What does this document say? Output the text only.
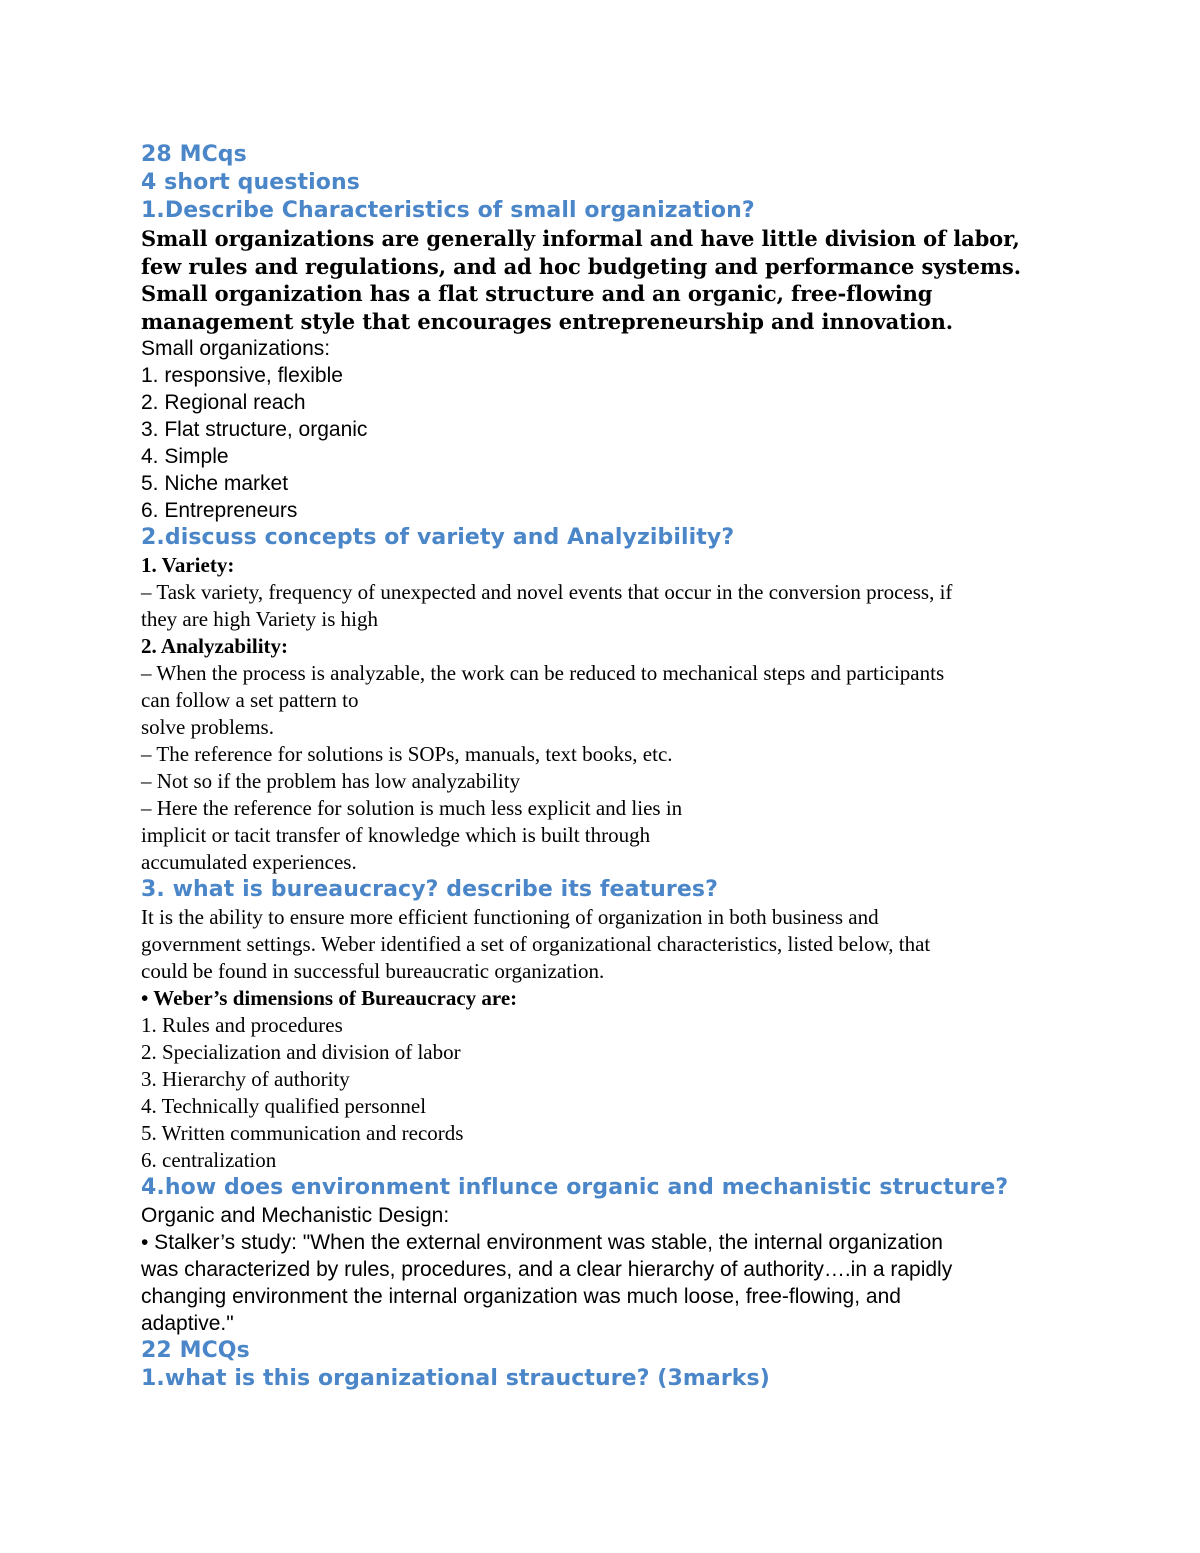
28 MCqs

4 short questions

1.Describe Characteristics of small organization?

Small organizations are generally informal and have little division of labor,

few rules and regulations, and ad hoc budgeting and performance systems.

Small organization has a flat structure and an organic, free-flowing

management style that encourages entrepreneurship and innovation.

Small organizations:

1. responsive, flexible

2. Regional reach

3. Flat structure, organic

4. Simple

5. Niche market

6. Entrepreneurs

2.discuss concepts of variety and Analyzibility?

1. Variety:

– Task variety, frequency of unexpected and novel events that occur in the conversion process, if

they are high Variety is high

2. Analyzability:

– When the process is analyzable, the work can be reduced to mechanical steps and participants

can follow a set pattern to

solve problems.

– The reference for solutions is SOPs, manuals, text books, etc.

– Not so if the problem has low analyzability

– Here the reference for solution is much less explicit and lies in

implicit or tacit transfer of knowledge which is built through

accumulated experiences.

3. what is bureaucracy? describe its features?

It is the ability to ensure more efficient functioning of organization in both business and

government settings. Weber identified a set of organizational characteristics, listed below, that

could be found in successful bureaucratic organization.

• Weber’s dimensions of Bureaucracy are:

1. Rules and procedures

2. Specialization and division of labor

3. Hierarchy of authority

4. Technically qualified personnel

5. Written communication and records

6. centralization

4.how does environment influnce organic and mechanistic structure?

Organic and Mechanistic Design:

• Stalker’s study: "When the external environment was stable, the internal organization

was characterized by rules, procedures, and a clear hierarchy of authority….in a rapidly

changing environment the internal organization was much loose, free-flowing, and

adaptive."

22 MCQs

1.what is this organizational straucture? (3marks)
